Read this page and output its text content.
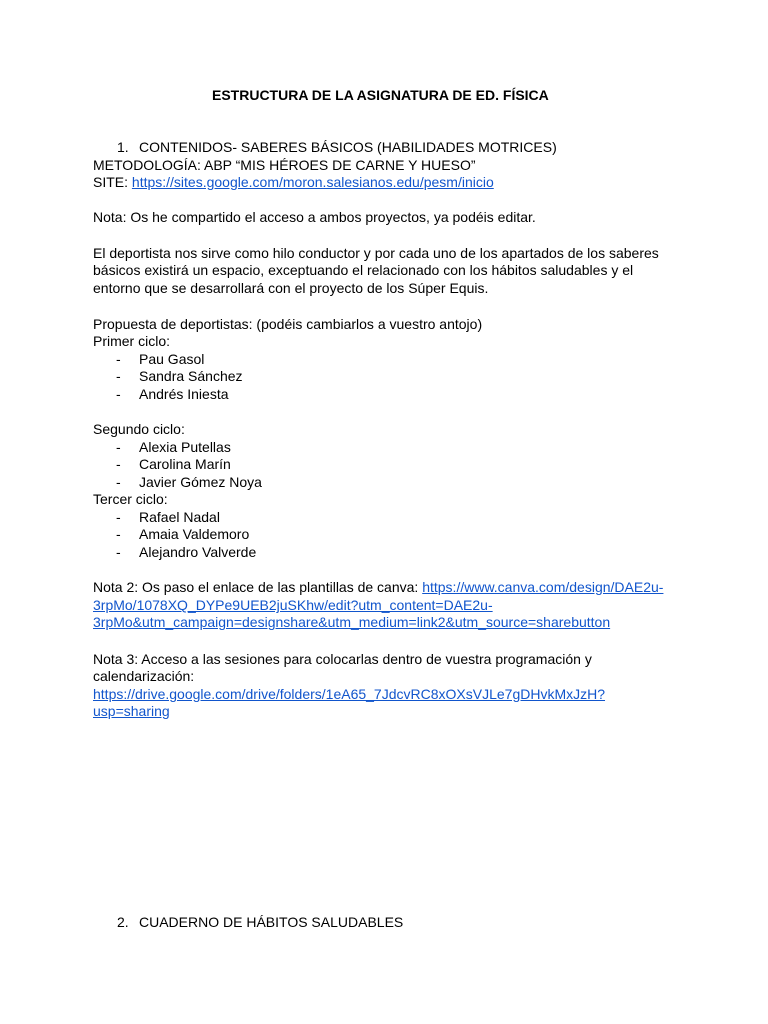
ESTRUCTURA DE LA ASIGNATURA DE ED. FÍSICA
1. CONTENIDOS- SABERES BÁSICOS (HABILIDADES MOTRICES)
METODOLOGÍA: ABP “MIS HÉROES DE CARNE Y HUESO”
SITE: https://sites.google.com/moron.salesianos.edu/pesm/inicio
Nota: Os he compartido el acceso a ambos proyectos, ya podéis editar.
El deportista nos sirve como hilo conductor y por cada uno de los apartados de los saberes
básicos existirá un espacio, exceptuando el relacionado con los hábitos saludables y el
entorno que se desarrollará con el proyecto de los Súper Equis.
Propuesta de deportistas: (podéis cambiarlos a vuestro antojo)
Primer ciclo:
- Pau Gasol
- Sandra Sánchez
- Andrés Iniesta
Segundo ciclo:
- Alexia Putellas
- Carolina Marín
- Javier Gómez Noya
Tercer ciclo:
- Rafael Nadal
- Amaia Valdemoro
- Alejandro Valverde
Nota 2: Os paso el enlace de las plantillas de canva: https://www.canva.com/design/DAE2u-
3rpMo/1078XQ_DYPe9UEB2juSKhw/edit?utm_content=DAE2u-
3rpMo&utm_campaign=designshare&utm_medium=link2&utm_source=sharebutton
Nota 3: Acceso a las sesiones para colocarlas dentro de vuestra programación y
calendarización:
https://drive.google.com/drive/folders/1eA65_7JdcvRC8xOXsVJLe7gDHvkMxJzH?
usp=sharing
2. CUADERNO DE HÁBITOS SALUDABLES
